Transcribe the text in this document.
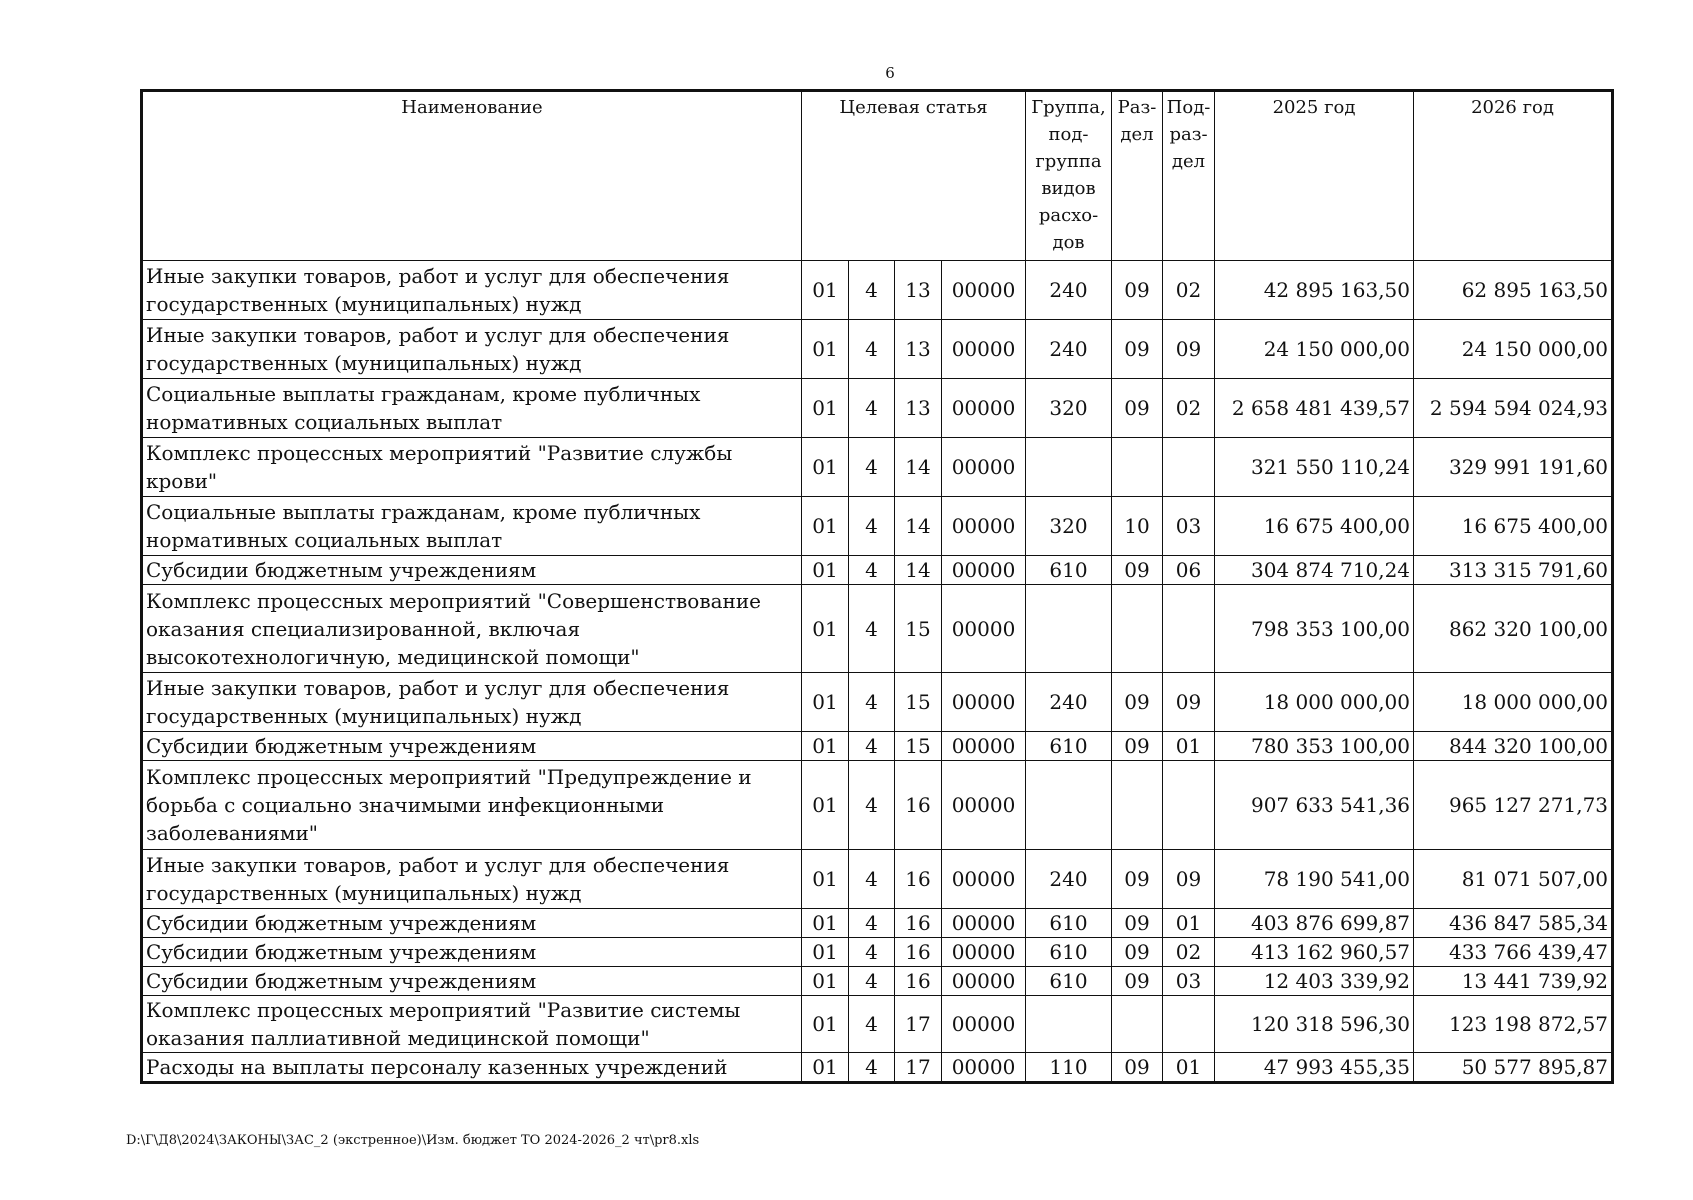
6
Наименование	Целевая статья				Группа, под-группа видов расхо-дов	Раз-дел	Под-раз-дел	2025 год	2026 год
Иные закупки товаров, работ и услуг для обеспечения государственных (муниципальных) нужд	01	4	13	00000	240	09	02	42 895 163,50	62 895 163,50
Иные закупки товаров, работ и услуг для обеспечения государственных (муниципальных) нужд	01	4	13	00000	240	09	09	24 150 000,00	24 150 000,00
Социальные выплаты гражданам, кроме публичных нормативных социальных выплат	01	4	13	00000	320	09	02	2 658 481 439,57	2 594 594 024,93
Комплекс процессных мероприятий "Развитие службы крови"	01	4	14	00000				321 550 110,24	329 991 191,60
Социальные выплаты гражданам, кроме публичных нормативных социальных выплат	01	4	14	00000	320	10	03	16 675 400,00	16 675 400,00
Субсидии бюджетным учреждениям	01	4	14	00000	610	09	06	304 874 710,24	313 315 791,60
Комплекс процессных мероприятий "Совершенствование оказания специализированной, включая высокотехнологичную, медицинской помощи"	01	4	15	00000				798 353 100,00	862 320 100,00
Иные закупки товаров, работ и услуг для обеспечения государственных (муниципальных) нужд	01	4	15	00000	240	09	09	18 000 000,00	18 000 000,00
Субсидии бюджетным учреждениям	01	4	15	00000	610	09	01	780 353 100,00	844 320 100,00
Комплекс процессных мероприятий "Предупреждение и борьба с социально значимыми инфекционными заболеваниями"	01	4	16	00000				907 633 541,36	965 127 271,73
Иные закупки товаров, работ и услуг для обеспечения государственных (муниципальных) нужд	01	4	16	00000	240	09	09	78 190 541,00	81 071 507,00
Субсидии бюджетным учреждениям	01	4	16	00000	610	09	01	403 876 699,87	436 847 585,34
Субсидии бюджетным учреждениям	01	4	16	00000	610	09	02	413 162 960,57	433 766 439,47
Субсидии бюджетным учреждениям	01	4	16	00000	610	09	03	12 403 339,92	13 441 739,92
Комплекс процессных мероприятий "Развитие системы оказания паллиативной медицинской помощи"	01	4	17	00000				120 318 596,30	123 198 872,57
Расходы на выплаты персоналу казенных учреждений	01	4	17	00000	110	09	01	47 993 455,35	50 577 895,87
D:\Г\Д8\2024\ЗАКОНЫ\ЗАС_2 (экстренное)\Изм. бюджет ТО 2024-2026_2 чт\pr8.xls
